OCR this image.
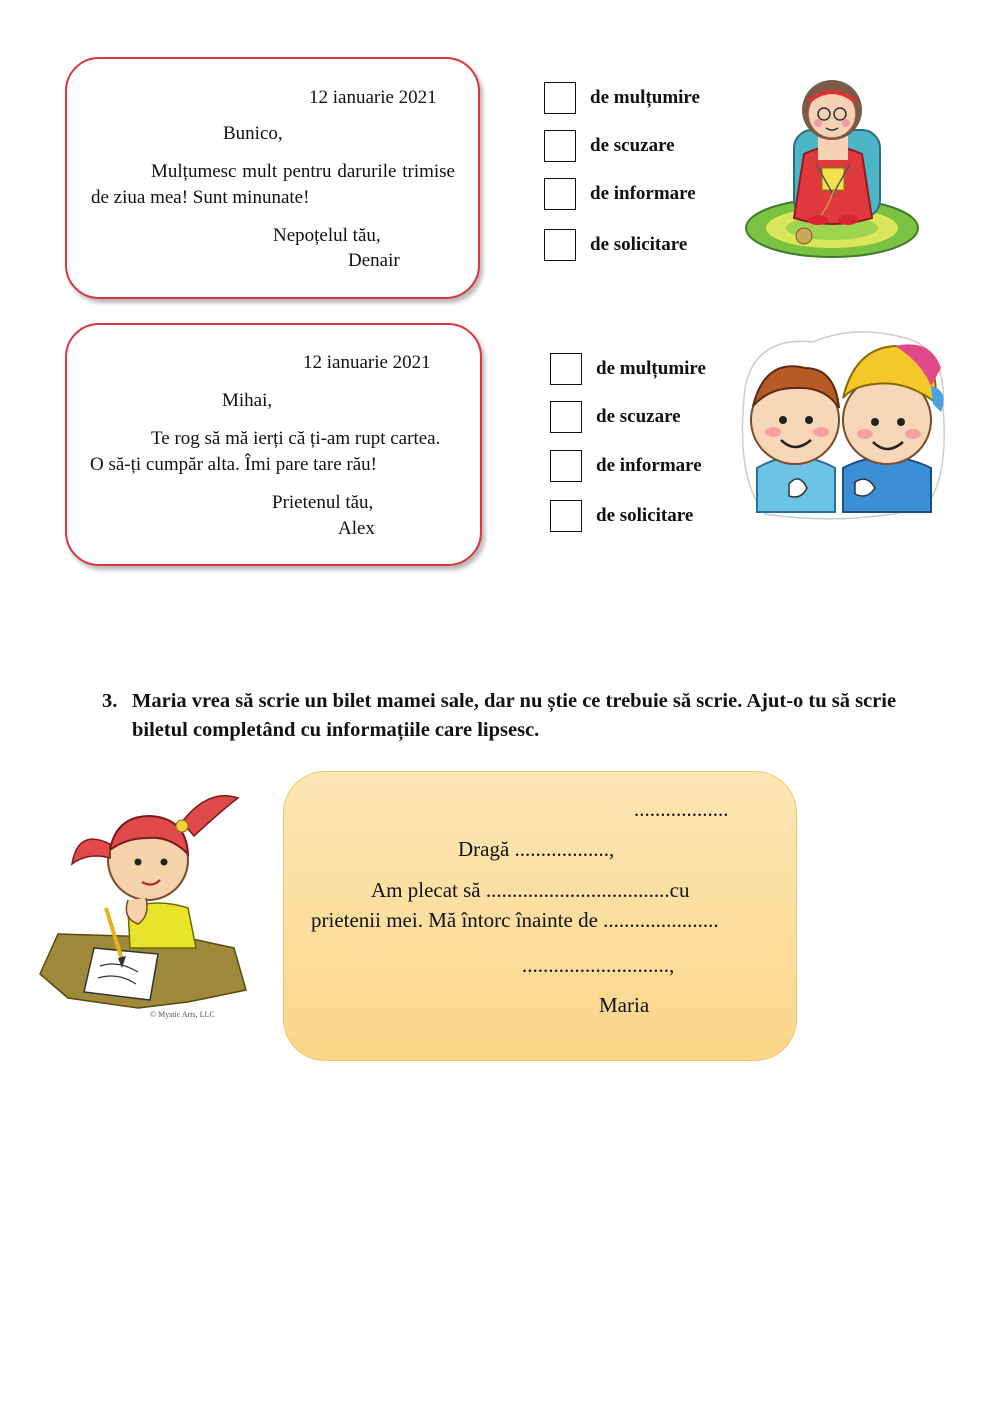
12 ianuarie 2021
Bunico,
Mulțumesc mult pentru darurile trimise de ziua mea! Sunt minunate!
Nepoțelul tău,
Denair
de mulțumire
de scuzare
de informare
de solicitare
12 ianuarie 2021
Mihai,
Te rog să mă ierți că ți-am rupt cartea.
O să-ți cumpăr alta. Îmi pare tare rău!
Prietenul tău,
Alex
de mulțumire
de scuzare
de informare
de solicitare
3. Maria vrea să scrie un bilet mamei sale, dar nu știe ce trebuie să scrie. Ajut-o tu să scrie biletul completând cu informațiile care lipsesc.
© Mystic Arts, LLC
..................
Dragă ..................,
Am plecat să ...................................cu
prietenii mei. Mă întorc înainte de ......................
............................,
Maria
